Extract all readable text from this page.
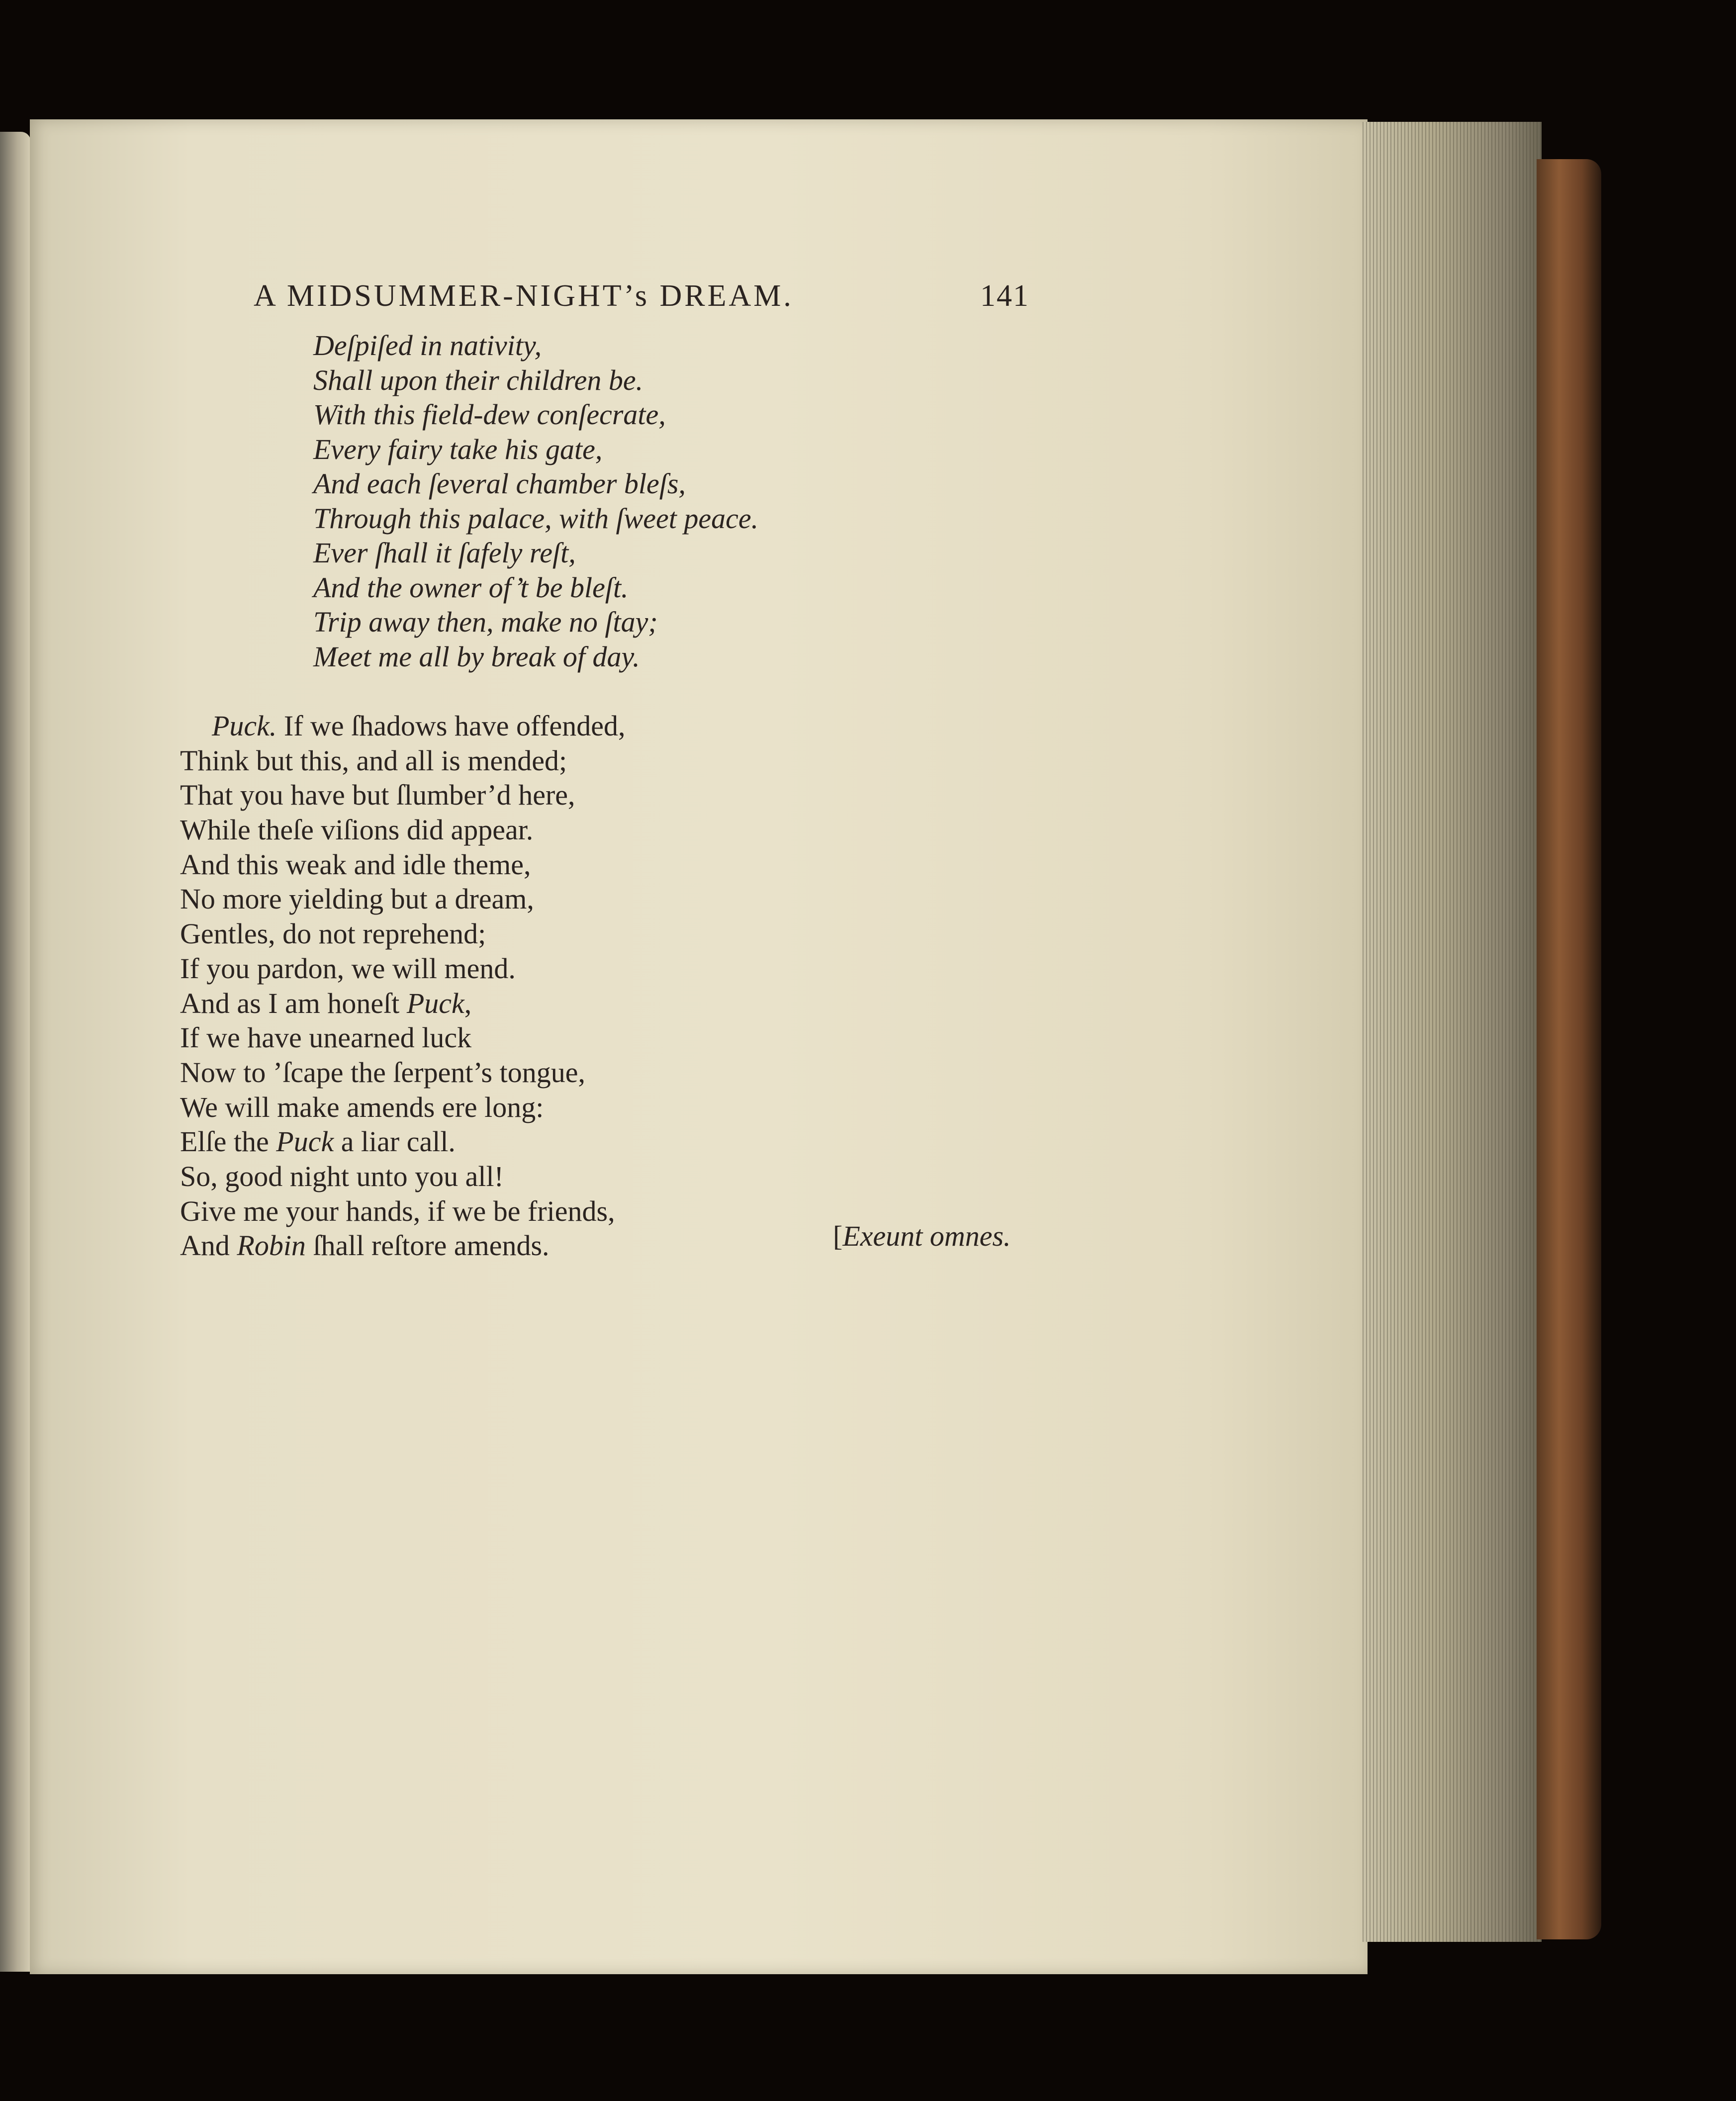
A MIDSUMMER-NIGHT’s DREAM.	141
Deſpiſed in nativity,
Shall upon their children be.
With this field-dew conſecrate,
Every fairy take his gate,
And each ſeveral chamber bleſs,
Through this palace, with ſweet peace.
Ever ſhall it ſafely reſt,
And the owner of’t be bleſt.
Trip away then, make no ſtay;
Meet me all by break of day.
Puck. If we ſhadows have offended,
Think but this, and all is mended;
That you have but ſlumber’d here,
While theſe viſions did appear.
And this weak and idle theme,
No more yielding but a dream,
Gentles, do not reprehend;
If you pardon, we will mend.
And as I am honeſt Puck,
If we have unearned luck
Now to ’ſcape the ſerpent’s tongue,
We will make amends ere long:
Elſe the Puck a liar call.
So, good night unto you all!
Give me your hands, if we be friends,
And Robin ſhall reſtore amends.	[Exeunt omnes.
